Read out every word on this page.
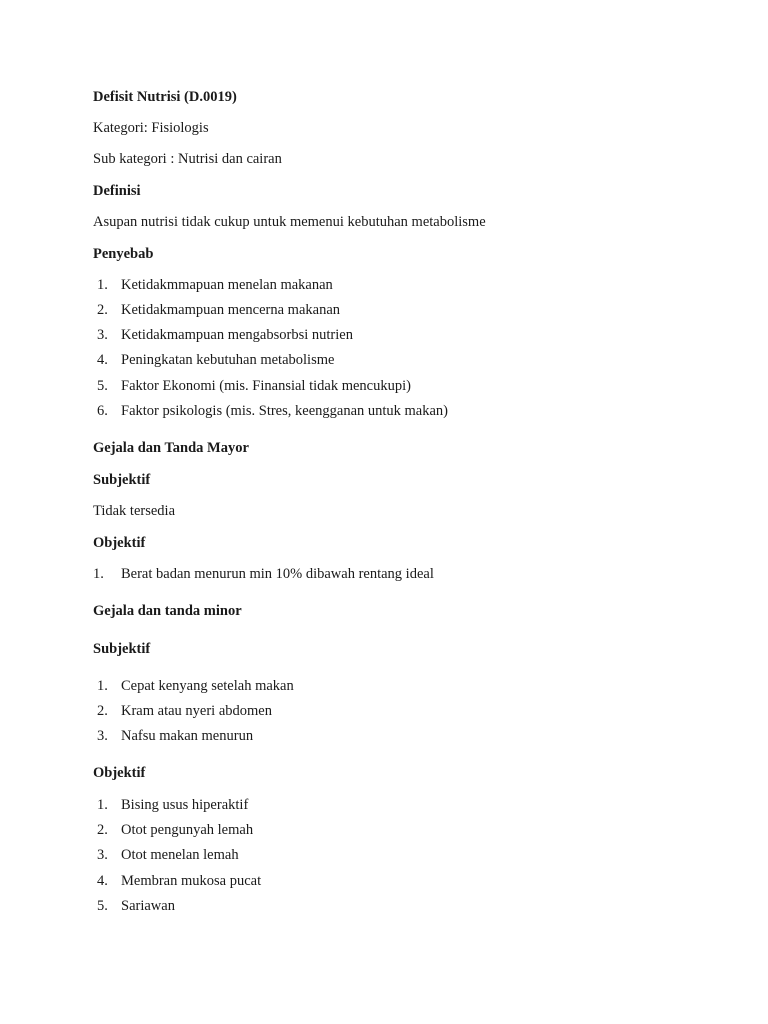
Defisit Nutrisi (D.0019)
Kategori: Fisiologis
Sub kategori : Nutrisi dan cairan
Definisi
Asupan nutrisi tidak cukup untuk memenui kebutuhan metabolisme
Penyebab
1. Ketidakmmapuan menelan makanan
2. Ketidakmampuan mencerna makanan
3. Ketidakmampuan mengabsorbsi nutrien
4. Peningkatan kebutuhan metabolisme
5. Faktor Ekonomi (mis. Finansial tidak mencukupi)
6. Faktor psikologis (mis. Stres, keengganan untuk makan)
Gejala dan Tanda Mayor
Subjektif
Tidak tersedia
Objektif
1. Berat badan menurun min 10% dibawah rentang ideal
Gejala dan tanda minor
Subjektif
1. Cepat kenyang setelah makan
2. Kram atau nyeri abdomen
3. Nafsu makan menurun
Objektif
1. Bising usus hiperaktif
2. Otot pengunyah lemah
3. Otot menelan lemah
4. Membran mukosa pucat
5. Sariawan
